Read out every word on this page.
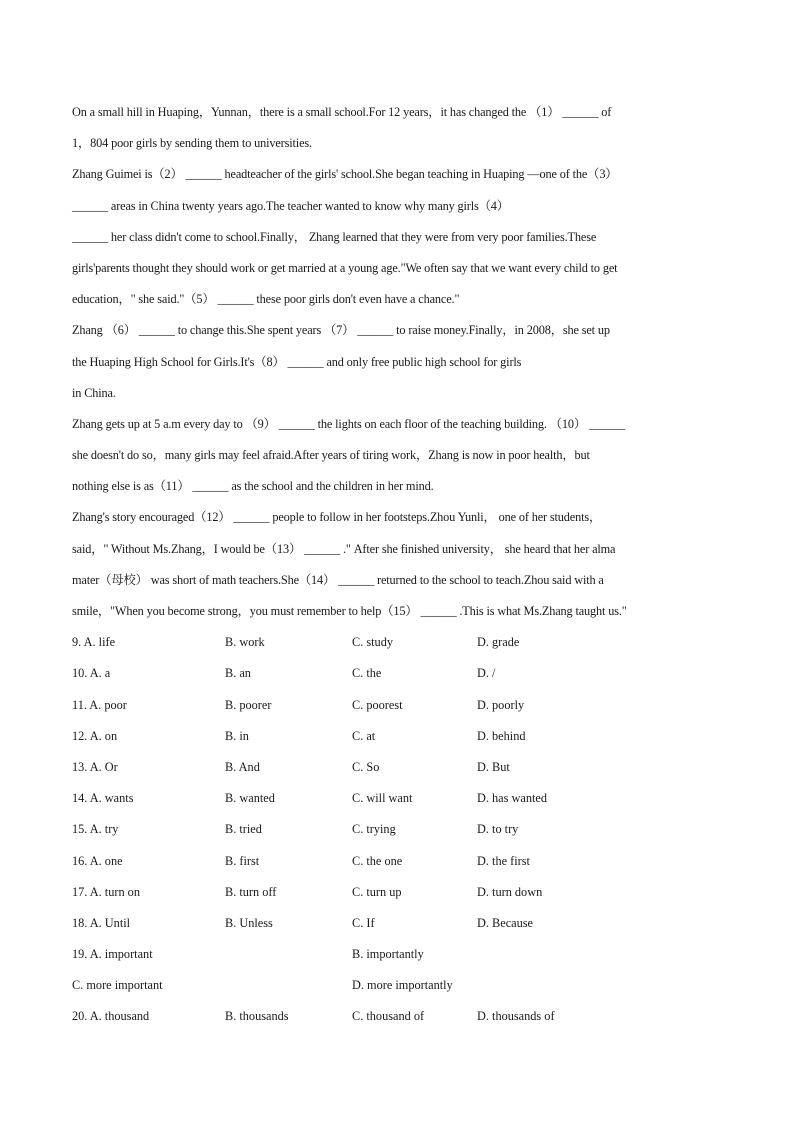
On a small hill in Huaping，Yunnan，there is a small school.For 12 years，it has changed the （1） ______ of
1，804 poor girls by sending them to universities.
Zhang Guimei is（2） ______ headteacher of the girls' school.She began teaching in Huaping —one of the（3）
______ areas in China twenty years ago.The teacher wanted to know why many girls（4）
______ her class didn't come to school.Finally， Zhang learned that they were from very poor families.These
girls'parents thought they should work or get married at a young age."We often say that we want every child to get
education，" she said."（5） ______ these poor girls don't even have a chance."
Zhang （6） ______ to change this.She spent years （7） ______ to raise money.Finally，in 2008，she set up
the Huaping High School for Girls.It's（8） ______ and only free public high school for girls
in China.
Zhang gets up at 5 a.m every day to （9） ______ the lights on each floor of the teaching building. （10） ______
she doesn't do so，many girls may feel afraid.After years of tiring work，Zhang is now in poor health，but
nothing else is as（11） ______ as the school and the children in her mind.
Zhang's story encouraged（12） ______ people to follow in her footsteps.Zhou Yunli， one of her students，
said，" Without Ms.Zhang，I would be（13） ______ ." After she finished university， she heard that her alma
mater（母校） was short of math teachers.She（14） ______ returned to the school to teach.Zhou said with a
smile，"When you become strong，you must remember to help（15） ______ .This is what Ms.Zhang taught us."
9. A. life	B. work	C. study	D. grade
10. A. a	B. an	C. the	D. /
11. A. poor	B. poorer	C. poorest	D. poorly
12. A. on	B. in	C. at	D. behind
13. A. Or	B. And	C. So	D. But
14. A. wants	B. wanted	C. will want	D. has wanted
15. A. try	B. tried	C. trying	D. to try
16. A. one	B. first	C. the one	D. the first
17. A. turn on	B. turn off	C. turn up	D. turn down
18. A. Until	B. Unless	C. If	D. Because
19. A. important	B. importantly
C. more important	D. more importantly
20. A. thousand	B. thousands	C. thousand of	D. thousands of
